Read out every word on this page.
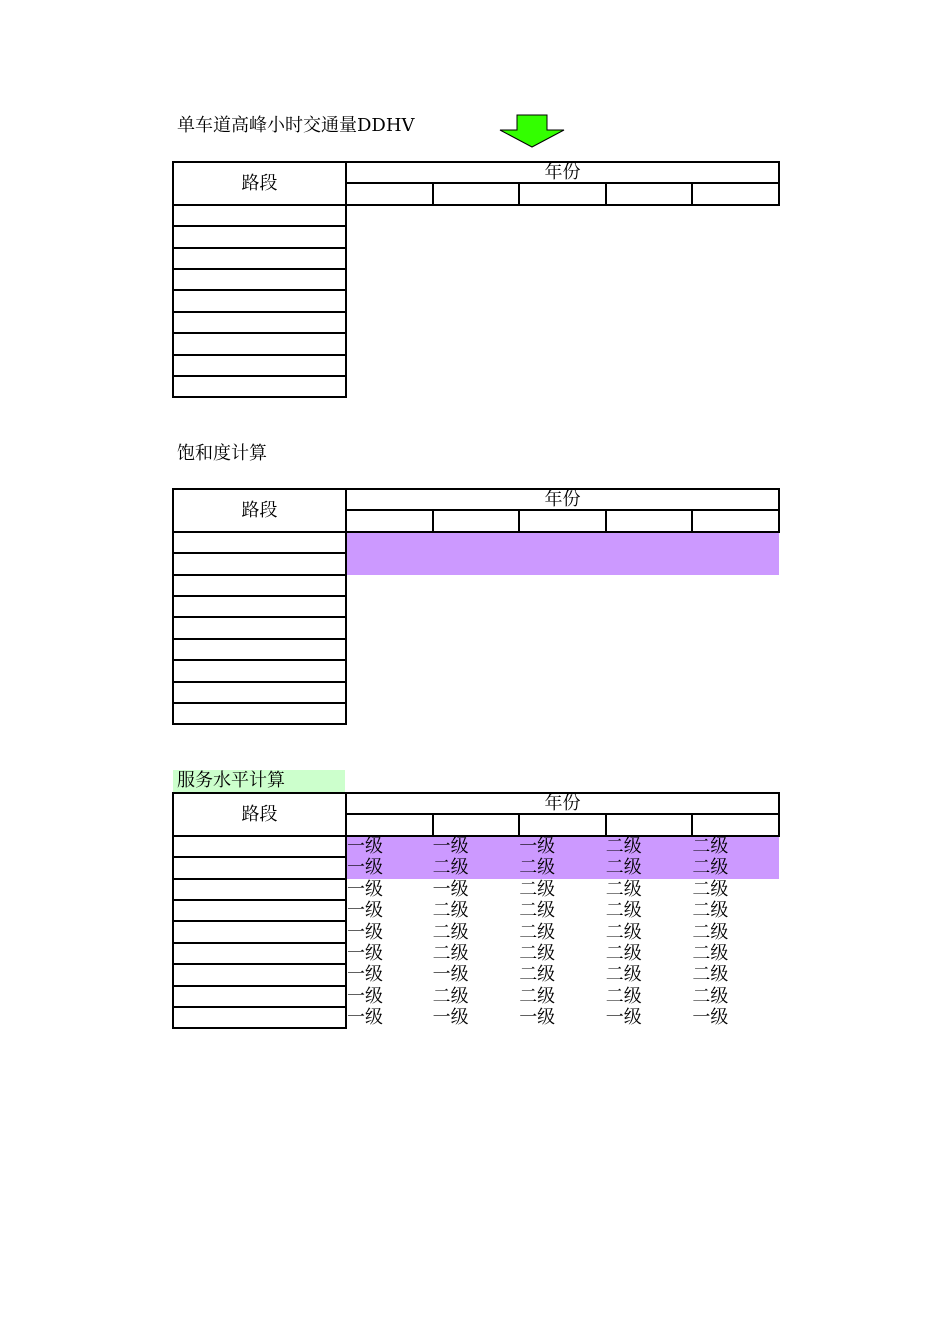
单车道高峰小时交通量DDHV
路段	年份				

饱和度计算
路段	年份				

服务水平计算
路段	年份				

	一级	一级	一级	二级	二级
	一级	二级	二级	二级	二级
	一级	一级	二级	二级	二级
	一级	二级	二级	二级	二级
	一级	二级	二级	二级	二级
	一级	二级	二级	二级	二级
	一级	一级	二级	二级	二级
	一级	二级	二级	二级	二级
	一级	一级	一级	一级	一级
